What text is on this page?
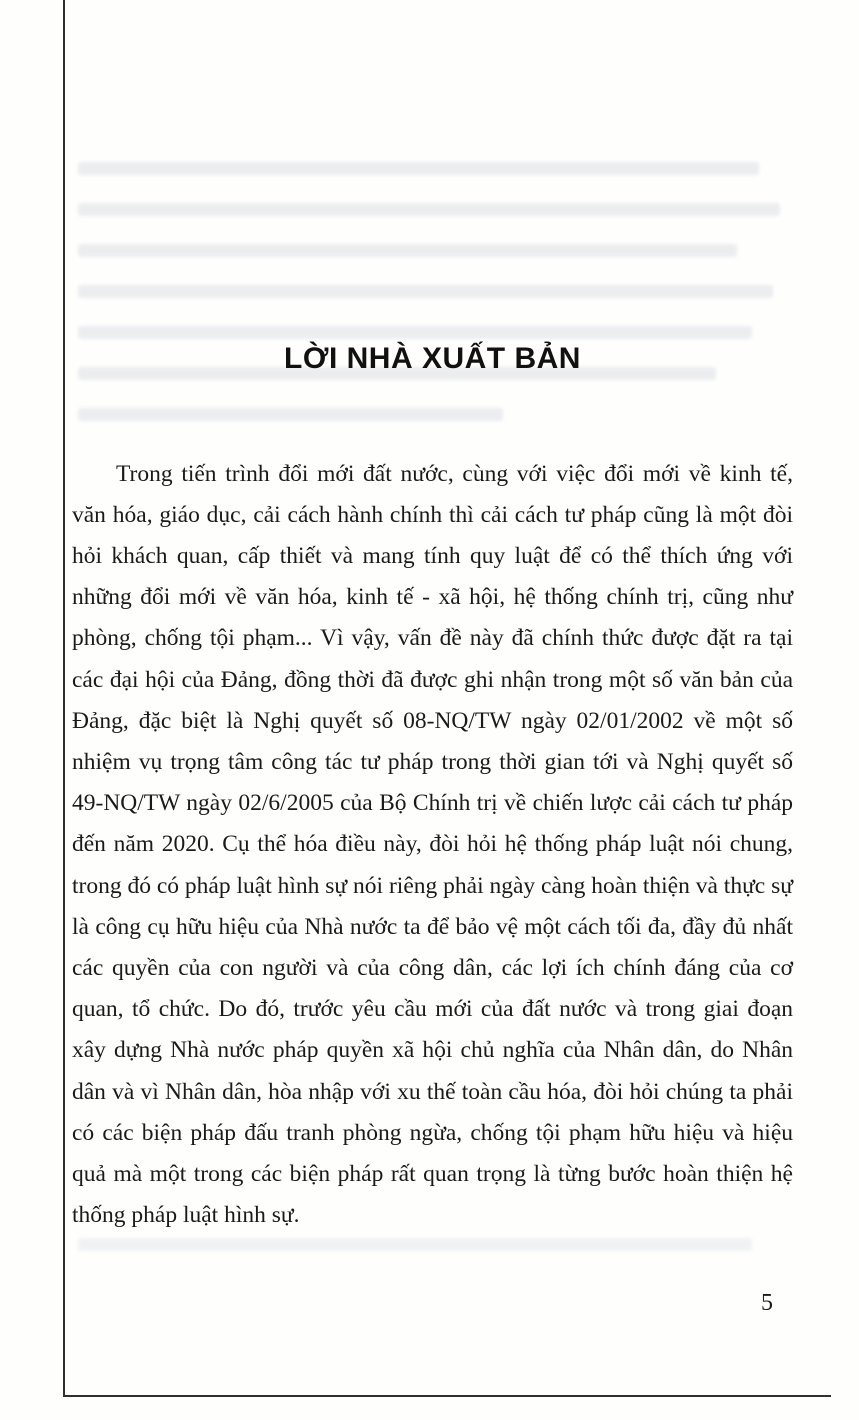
LỜI NHÀ XUẤT BẢN

Trong tiến trình đổi mới đất nước, cùng với việc đổi mới về kinh tế, văn hóa, giáo dục, cải cách hành chính thì cải cách tư pháp cũng là một đòi hỏi khách quan, cấp thiết và mang tính quy luật để có thể thích ứng với những đổi mới về văn hóa, kinh tế - xã hội, hệ thống chính trị, cũng như phòng, chống tội phạm... Vì vậy, vấn đề này đã chính thức được đặt ra tại các đại hội của Đảng, đồng thời đã được ghi nhận trong một số văn bản của Đảng, đặc biệt là Nghị quyết số 08-NQ/TW ngày 02/01/2002 về một số nhiệm vụ trọng tâm công tác tư pháp trong thời gian tới và Nghị quyết số 49-NQ/TW ngày 02/6/2005 của Bộ Chính trị về chiến lược cải cách tư pháp đến năm 2020. Cụ thể hóa điều này, đòi hỏi hệ thống pháp luật nói chung, trong đó có pháp luật hình sự nói riêng phải ngày càng hoàn thiện và thực sự là công cụ hữu hiệu của Nhà nước ta để bảo vệ một cách tối đa, đầy đủ nhất các quyền của con người và của công dân, các lợi ích chính đáng của cơ quan, tổ chức. Do đó, trước yêu cầu mới của đất nước và trong giai đoạn xây dựng Nhà nước pháp quyền xã hội chủ nghĩa của Nhân dân, do Nhân dân và vì Nhân dân, hòa nhập với xu thế toàn cầu hóa, đòi hỏi chúng ta phải có các biện pháp đấu tranh phòng ngừa, chống tội phạm hữu hiệu và hiệu quả mà một trong các biện pháp rất quan trọng là từng bước hoàn thiện hệ thống pháp luật hình sự.

5
